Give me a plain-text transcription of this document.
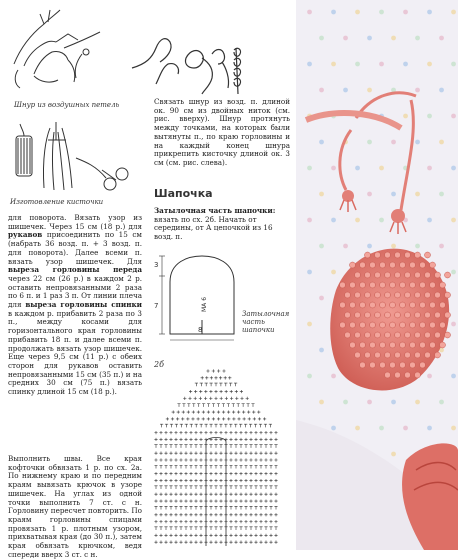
Шнур из воздушных петель
Изготовление кисточки
для поворота. Вязать узор из шишечек. Через 15 см (18 р.) для рукавов присоединить по 15 см (набрать 36 возд. п. + 3 возд. п. для поворота). Далее всеми п. вязать узор шишечек. Для выреза горловины переда через 22 см (26 р.) в каждом 2 р. оставить непровязанными 2 раза по 6 п. и 1 раз 3 п. От линии плеча для выреза горловины спинки в каждом р. прибавить 2 раза по 3 п., между косами для горизонтального края горловины прибавить 18 п. и далее всеми п. продолжать вязать узор шишечек. Еще через 9,5 см (11 р.) с обеих сторон для рукавов оставить непровязанными 15 см (35 п.) и на средних 30 см (75 п.) вязать спинку длиной 15 см (18 р.).
Выполнить швы. Все края кофточки обвязать 1 р. по сх. 2а. По нижнему краю и по передним краям вывязать крючок в узоре шишечек. На углах из одной точки выполнить 7 ст. с н. Горловину пересчет повторить. По краям горловины спицами провязать 1 р. плотным узором, прихватывая края (до 30 п.), затем края обвязать крючком, ведя спереди вверх 3 ст. с н.
Связать шнур из возд. п. длиной ок. 90 см из двойных ниток (см. рис. вверху). Шнур протянуть между точками, на которых были вытянуты п., по краю горловины и на каждый конец шнура прикрепить кисточку длиной ок. 3 см (см. рис. слева).
Шапочка
Затылочная часть шапочки: вязать по сх. 2б. Начать от середины, от А цепочкой из 16 возд. п.
3
7
8
МА 6
Затылочная часть шапочки
2б
